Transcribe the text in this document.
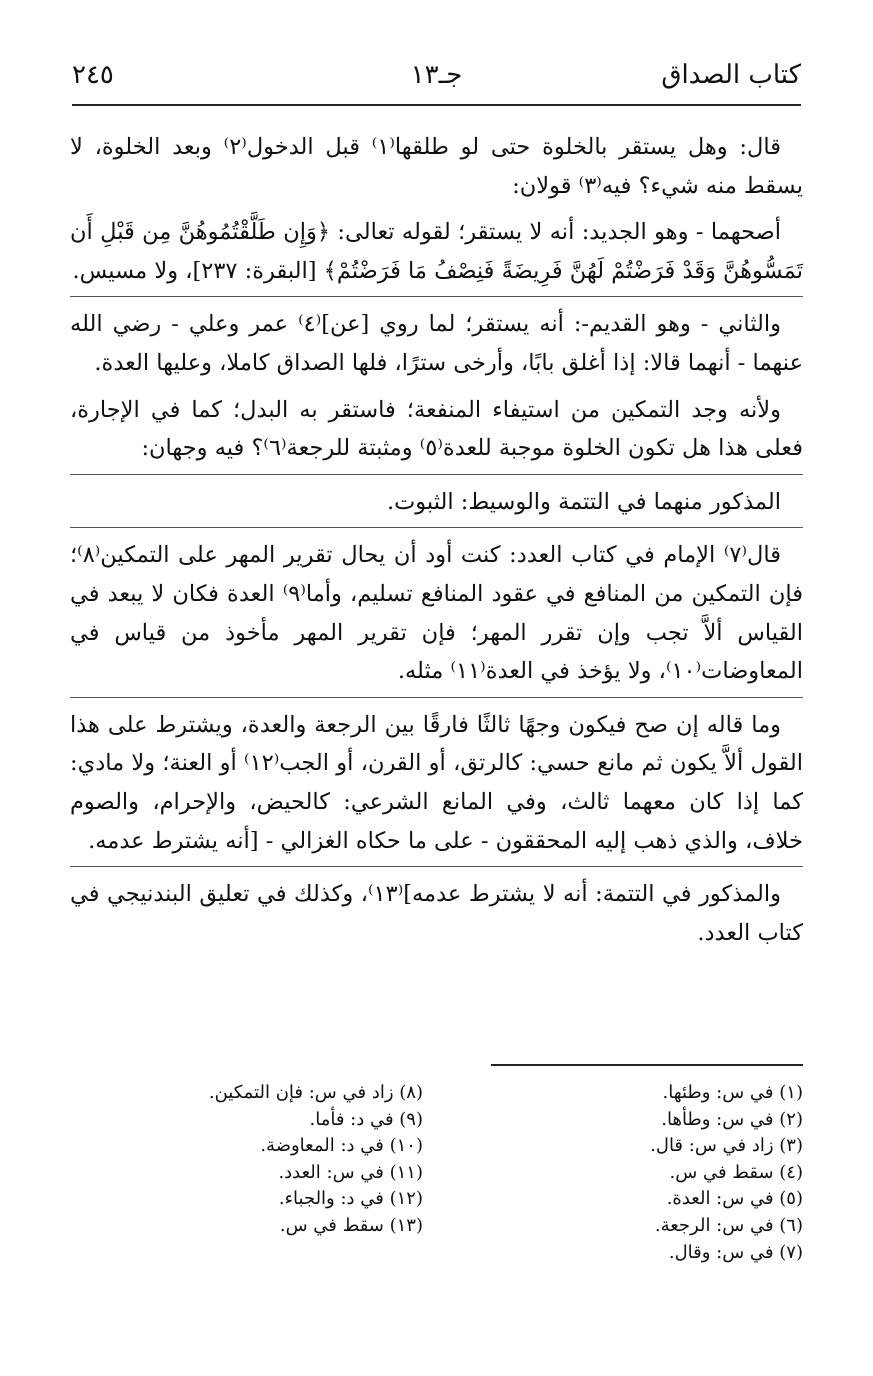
كتاب الصداق
جـ١٣
٢٤٥

قال: وهل يستقر بالخلوة حتى لو طلقها⁽١⁾ قبل الدخول⁽٢⁾ وبعد الخلوة، لا يسقط منه شيء؟ فيه⁽٣⁾ قولان:

أصحهما - وهو الجديد: أنه لا يستقر؛ لقوله تعالى: ﴿وَإِن طَلَّقْتُمُوهُنَّ مِن قَبْلِ أَن تَمَسُّوهُنَّ وَقَدْ فَرَضْتُمْ لَهُنَّ فَرِيضَةً فَنِصْفُ مَا فَرَضْتُمْ﴾ [البقرة: ٢٣٧]، ولا مسيس.

والثاني - وهو القديم-: أنه يستقر؛ لما روي [عن]⁽٤⁾ عمر وعلي - رضي الله عنهما - أنهما قالا: إذا أغلق بابًا، وأرخى سترًا، فلها الصداق كاملا، وعليها العدة.

ولأنه وجد التمكين من استيفاء المنفعة؛ فاستقر به البدل؛ كما في الإجارة، فعلى هذا هل تكون الخلوة موجبة للعدة⁽٥⁾ ومثبتة للرجعة⁽٦⁾؟ فيه وجهان:

المذكور منهما في التتمة والوسيط: الثبوت.

قال⁽٧⁾ الإمام في كتاب العدد: كنت أود أن يحال تقرير المهر على التمكين⁽٨⁾؛ فإن التمكين من المنافع في عقود المنافع تسليم، وأما⁽٩⁾ العدة فكان لا يبعد في القياس ألاَّ تجب وإن تقرر المهر؛ فإن تقرير المهر مأخوذ من قياس في المعاوضات⁽١٠⁾، ولا يؤخذ في العدة⁽١١⁾ مثله.

وما قاله إن صح فيكون وجهًا ثالثًا فارقًا بين الرجعة والعدة، ويشترط على هذا القول ألاَّ يكون ثم مانع حسي: كالرتق، أو القرن، أو الجب⁽١٢⁾ أو العنة؛ ولا مادي: كما إذا كان معهما ثالث، وفي المانع الشرعي: كالحيض، والإحرام، والصوم خلاف، والذي ذهب إليه المحققون - على ما حكاه الغزالي - [أنه يشترط عدمه.

والمذكور في التتمة: أنه لا يشترط عدمه]⁽١٣⁾، وكذلك في تعليق البندنيجي في كتاب العدد.

(١) في س: وطئها.
(٢) في س: وطأها.
(٣) زاد في س: قال.
(٤) سقط في س.
(٥) في س: العدة.
(٦) في س: الرجعة.
(٧) في س: وقال.
(٨) زاد في س: فإن التمكين.
(٩) في د: فأما.
(١٠) في د: المعاوضة.
(١١) في س: العدد.
(١٢) في د: والجباء.
(١٣) سقط في س.
